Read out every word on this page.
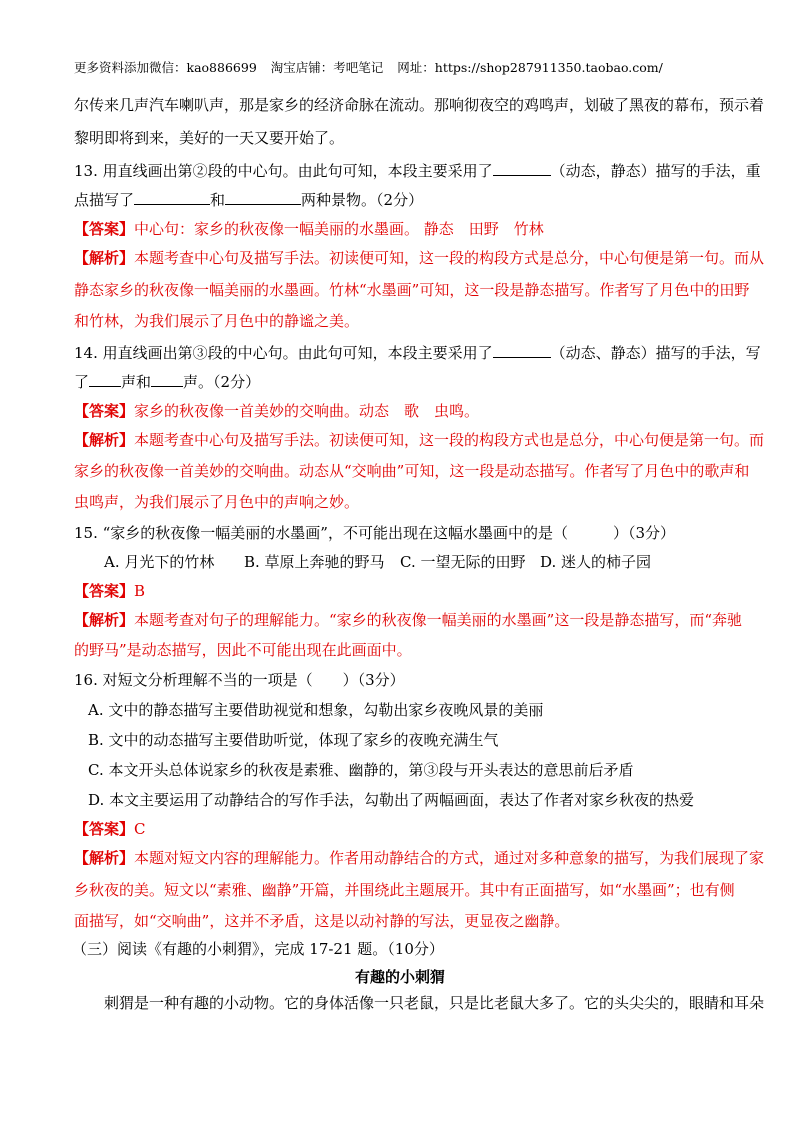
更多资料添加微信：kao886699 淘宝店铺：考吧笔记 网址：https://shop287911350.taobao.com/
尔传来几声汽车喇叭声，那是家乡的经济命脉在流动。那响彻夜空的鸡鸣声，划破了黑夜的幕布，预示着
黎明即将到来，美好的一天又要开始了。
13. 用直线画出第②段的中心句。由此句可知，本段主要采用了	（动态，静态）描写的手法，重
点描写了	和	两种景物。（2分）
【答案】中心句：家乡的秋夜像一幅美丽的水墨画。 静态　田野　竹林
【解析】本题考查中心句及描写手法。初读便可知，这一段的构段方式是总分，中心句便是第一句。而从
静态家乡的秋夜像一幅美丽的水墨画。竹林“水墨画”可知，这一段是静态描写。作者写了月色中的田野
和竹林，为我们展示了月色中的静谧之美。
14. 用直线画出第③段的中心句。由此句可知，本段主要采用了	（动态、静态）描写的手法，写
了 声和 声。（2分）
【答案】家乡的秋夜像一首美妙的交响曲。动态　歌　虫鸣。
【解析】本题考查中心句及描写手法。初读便可知，这一段的构段方式也是总分，中心句便是第一句。而
家乡的秋夜像一首美妙的交响曲。动态从“交响曲”可知，这一段是动态描写。作者写了月色中的歌声和
虫鸣声，为我们展示了月色中的声响之妙。
15. “家乡的秋夜像一幅美丽的水墨画”，不可能出现在这幅水墨画中的是（　　　）（3分）
A. 月光下的竹林 B. 草原上奔驰的野马 C. 一望无际的田野 D. 迷人的柿子园
【答案】B
【解析】本题考查对句子的理解能力。“家乡的秋夜像一幅美丽的水墨画”这一段是静态描写，而“奔驰
的野马”是动态描写，因此不可能出现在此画面中。
16. 对短文分析理解不当的一项是（　　）（3分）
A. 文中的静态描写主要借助视觉和想象，勾勒出家乡夜晚风景的美丽
B. 文中的动态描写主要借助听觉，体现了家乡的夜晚充满生气
C. 本文开头总体说家乡的秋夜是素雅、幽静的，第③段与开头表达的意思前后矛盾
D. 本文主要运用了动静结合的写作手法，勾勒出了两幅画面，表达了作者对家乡秋夜的热爱
【答案】C
【解析】本题对短文内容的理解能力。作者用动静结合的方式，通过对多种意象的描写，为我们展现了家
乡秋夜的美。短文以“素雅、幽静”开篇，并围绕此主题展开。其中有正面描写，如“水墨画”；也有侧
面描写，如“交响曲”，这并不矛盾，这是以动衬静的写法，更显夜之幽静。
（三）阅读《有趣的小刺猬》，完成 17-21 题。（10分）
有趣的小刺猬
刺猬是一种有趣的小动物。它的身体活像一只老鼠，只是比老鼠大多了。它的头尖尖的，眼睛和耳朵
